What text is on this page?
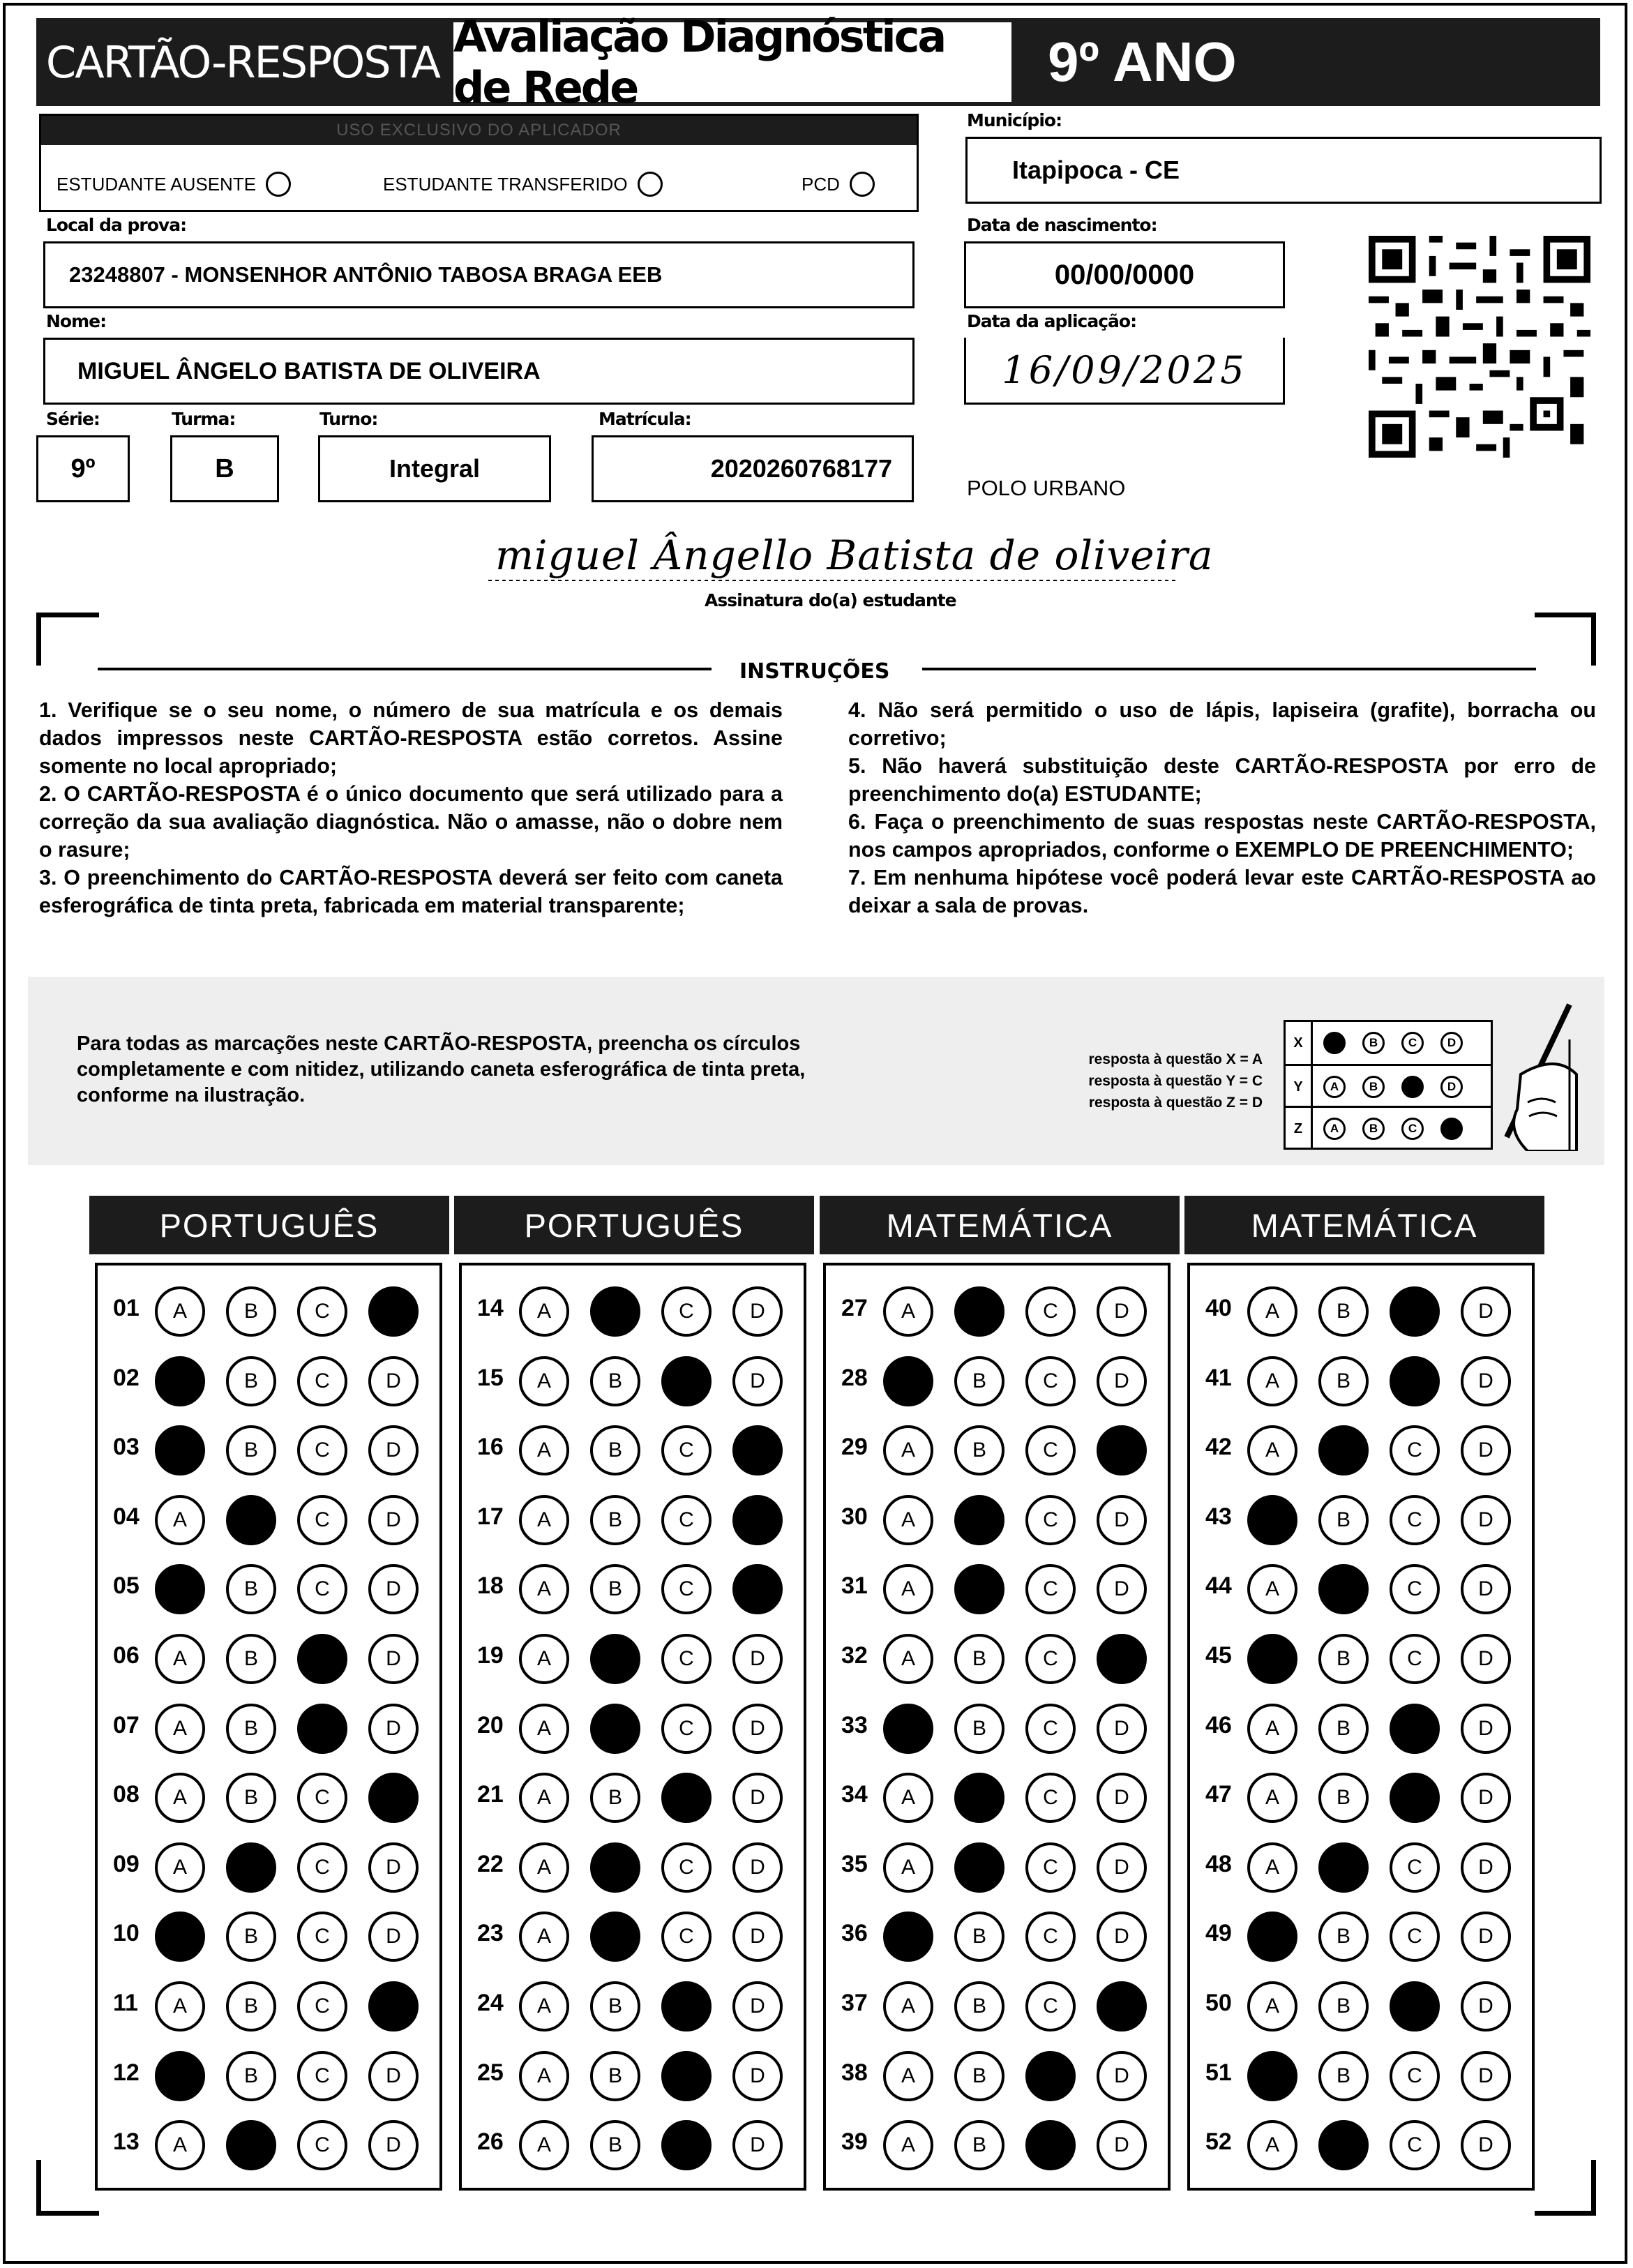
CARTÃO-RESPOSTA Avaliação Diagnóstica de Rede	9º ANO
USO EXCLUSIVO DO APLICADOR
ESTUDANTE AUSENTE	ESTUDANTE TRANSFERIDO	PCD
Município:
Itapipoca - CE
Local da prova:
23248807 - MONSENHOR ANTÔNIO TABOSA BRAGA EEB
Data de nascimento:
00/00/0000
Nome:
MIGUEL ÂNGELO BATISTA DE OLIVEIRA
Data da aplicação:
16/09/2025
Série:
9º
Turma:
B
Turno:
Integral
Matrícula:
2020260768177
POLO URBANO
miguel Ângello Batista de oliveira
Assinatura do(a) estudante
INSTRUÇÕES

1. Verifique se o seu nome, o número de sua matrícula e os demais dados impressos neste CARTÃO-RESPOSTA estão corretos. Assine somente no local apropriado;

2. O CARTÃO-RESPOSTA é o único documento que será utilizado para a correção da sua avaliação diagnóstica. Não o amasse, não o dobre nem o rasure;

3. O preenchimento do CARTÃO-RESPOSTA deverá ser feito com caneta esferográfica de tinta preta, fabricada em material transparente;

4. Não será permitido o uso de lápis, lapiseira (grafite), borracha ou corretivo;

5. Não haverá substituição deste CARTÃO-RESPOSTA por erro de preenchimento do(a) ESTUDANTE;

6. Faça o preenchimento de suas respostas neste CARTÃO-RESPOSTA, nos campos apropriados, conforme o EXEMPLO DE PREENCHIMENTO;

7. Em nenhuma hipótese você poderá levar este CARTÃO-RESPOSTA ao deixar a sala de provas.

Para todas as marcações neste CARTÃO-RESPOSTA, preencha os círculos completamente e com nitidez, utilizando caneta esferográfica de tinta preta, conforme na ilustração.
resposta à questão X = A
resposta à questão Y = C
resposta à questão Z = D
X	A	B	C	D
Y	A	B	C	D
Z	A	B	C	D
PORTUGUÊS	PORTUGUÊS	MATEMÁTICA	MATEMÁTICA
01	A	B	C	D
02	A	B	C	D
03	A	B	C	D
04	A	B	C	D
05	A	B	C	D
06	A	B	C	D
07	A	B	C	D
08	A	B	C	D
09	A	B	C	D
10	A	B	C	D
11	A	B	C	D
12	A	B	C	D
13	A	B	C	D
14	A	B	C	D
15	A	B	C	D
16	A	B	C	D
17	A	B	C	D
18	A	B	C	D
19	A	B	C	D
20	A	B	C	D
21	A	B	C	D
22	A	B	C	D
23	A	B	C	D
24	A	B	C	D
25	A	B	C	D
26	A	B	C	D
27	A	B	C	D
28	A	B	C	D
29	A	B	C	D
30	A	B	C	D
31	A	B	C	D
32	A	B	C	D
33	A	B	C	D
34	A	B	C	D
35	A	B	C	D
36	A	B	C	D
37	A	B	C	D
38	A	B	C	D
39	A	B	C	D
40	A	B	C	D
41	A	B	C	D
42	A	B	C	D
43	A	B	C	D
44	A	B	C	D
45	A	B	C	D
46	A	B	C	D
47	A	B	C	D
48	A	B	C	D
49	A	B	C	D
50	A	B	C	D
51	A	B	C	D
52	A	B	C	D
